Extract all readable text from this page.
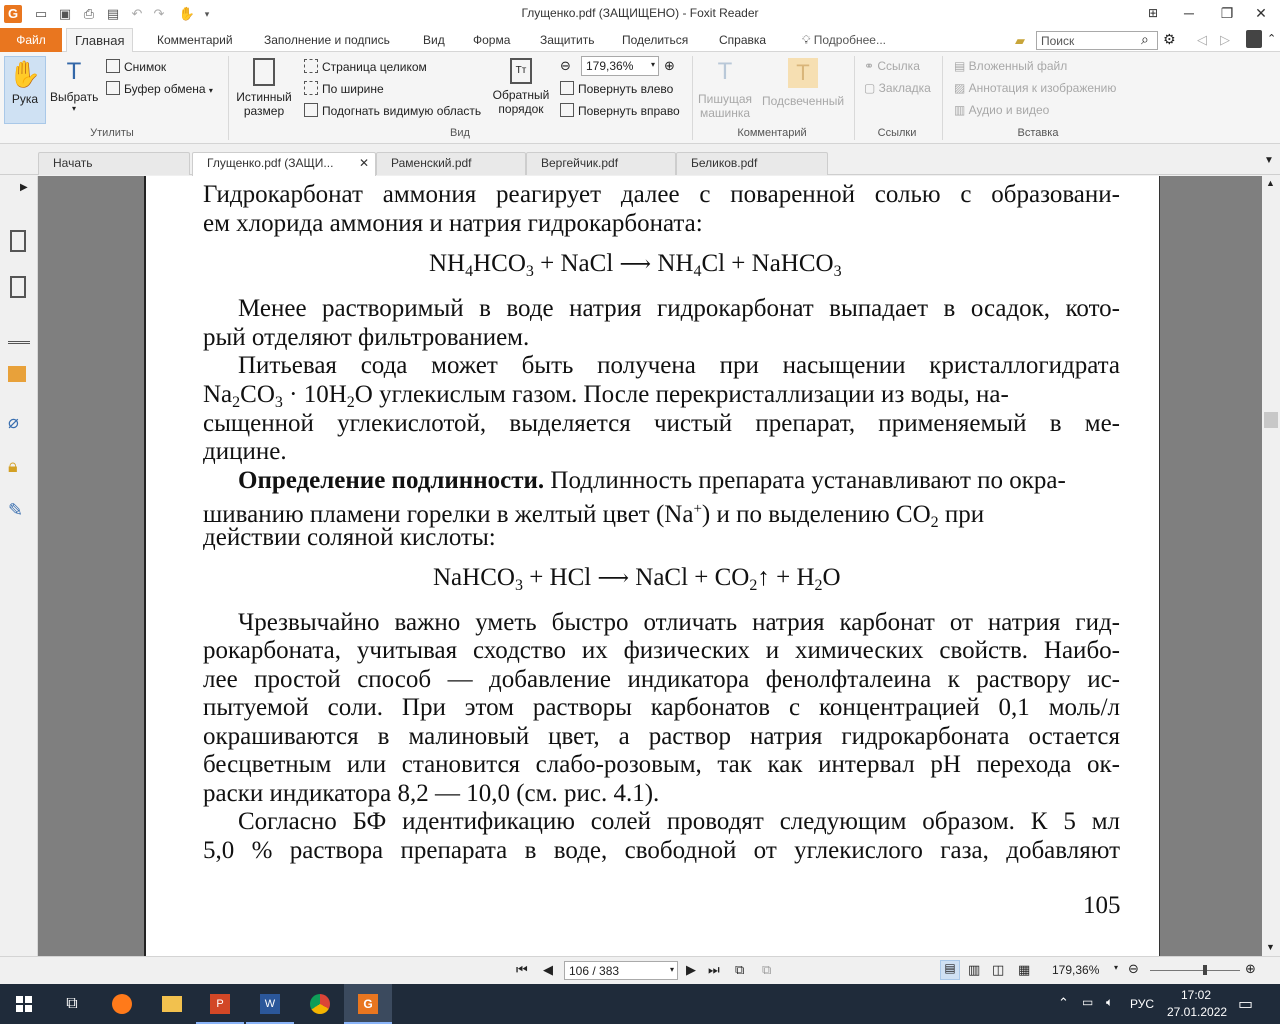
G	▭ ▣ ⎙ ▤ ↶ ↷ ✋	▾	Глущенко.pdf (ЗАЩИЩЕНО) - Foxit Reader	⊞	─	❐	✕
Файл	Главная	Комментарий	Заполнение и подпись	Вид	Форма	Защитить	Поделиться	Справка	💡︎ Подробнее...	▰	Поиск	⌕ ⚙ ◁ ▷	⌃
✋
Рука
T
Выбрать
▾
Снимок
Буфер обмена ▾
Утилиты
Истинный
размер
Страница целиком
По ширине
Подогнать видимую область
Tт
Обратный
порядок
⊖	179,36% ▾ ⊕
Повернуть влево
Повернуть вправо
Вид
T
Пишущая
машинка
T
Подсвеченный
Комментарий
⚭ Ссылка
▢ Закладка
Ссылки
▤ Вложенный файл
▨ Аннотация к изображению
▥ Аудио и видео
Вставка
Начать	Глущенко.pdf (ЗАЩИ... ✕	Раменский.pdf	Вергейчик.pdf	Беликов.pdf	▼
▶
⌀
🔒︎
✎
Гидрокарбонат аммония реагирует далее с поваренной солью с образовани-
ем хлорида аммония и натрия гидрокарбоната:
$NH_4HCO_3$ + NaCl ⟶ $NH_4Cl$ + NaHCO$_3$
Менее растворимый в воде натрия гидрокарбонат выпадает в осадок, кото-
рый отделяют фильтрованием.
Питьевая сода может быть получена при насыщении кристаллогидрата
$Na_2CO_3 \cdot 10H_2O$ углекислым газом. После перекристаллизации из воды, на-
сыщенной углекислотой, выделяется чистый препарат, применяемый в ме-
дицине.
Определение подлинности. Подлинность препарата устанавливают по окра-
шиванию пламени горелки в желтый цвет (Na+) и по выделению $CO_2$ при
действии соляной кислоты:
NaHCO$_3$ + HCl ⟶ NaCl + $CO_2↑ + H_2O$
Чрезвычайно важно уметь быстро отличать натрия карбонат от натрия гид-
рокарбоната, учитывая сходство их физических и химических свойств. Наибо-
лее простой способ — добавление индикатора фенолфталеина к раствору ис-
пытуемой соли. При этом растворы карбонатов с концентрацией 0,1 моль/л
окрашиваются в малиновый цвет, а раствор натрия гидрокарбоната остается
бесцветным или становится слабо-розовым, так как интервал pH перехода ок-
раски индикатора 8,2 — 10,0 (см. рис. 4.1).
Согласно БФ идентификацию солей проводят следующим образом. К 5 мл
5,0 % раствора препарата в воде, свободной от углекислого газа, добавляют
105
▲
▼
⏮ ◀	106 / 383	▾ ▶ ⏭ ⧉ ⧉	▤ ▥ ◫ ▦ 179,36% ▾ ⊖	⊕
⧉	P	W	G	⌃ ▭ 🔈︎ РУС
17:02
27.01.2022 ▭
